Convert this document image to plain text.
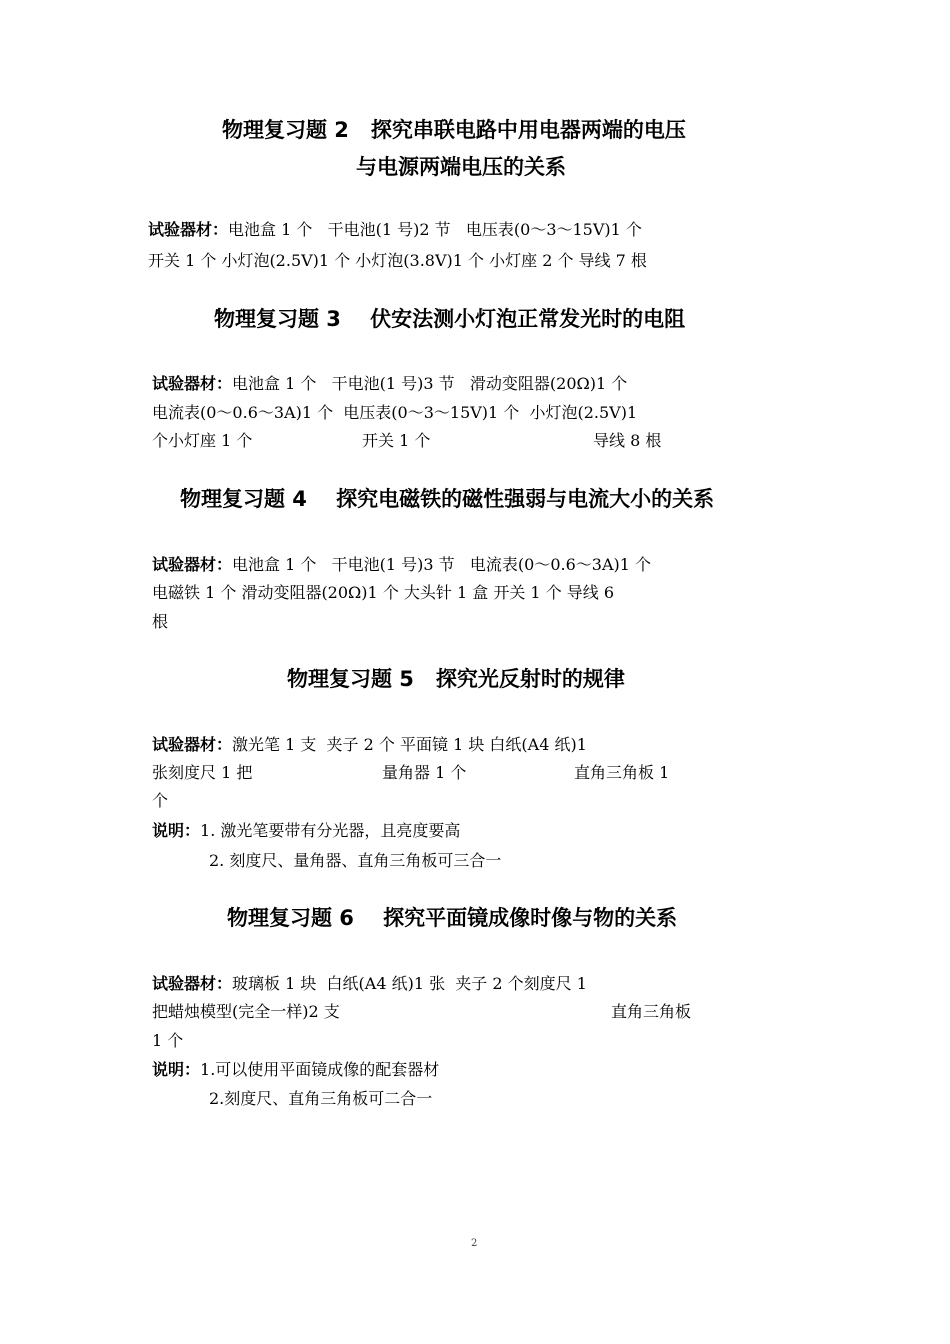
物理复习题 2   探究串联电路中用电器两端的电压
与电源两端电压的关系
试验器材：电池盒 1 个   干电池(1 号)2 节   电压表(0～3～15V)1 个
开关 1 个 小灯泡(2.5V)1 个 小灯泡(3.8V)1 个 小灯座 2 个 导线 7 根
物理复习题 3    伏安法测小灯泡正常发光时的电阻
试验器材：电池盒 1 个   干电池(1 号)3 节   滑动变阻器(20Ω)1 个
电流表(0～0.6～3A)1 个  电压表(0～3～15V)1 个  小灯泡(2.5V)1
个小灯座 1 个	开关 1 个	导线 8 根
物理复习题 4    探究电磁铁的磁性强弱与电流大小的关系
试验器材：电池盒 1 个   干电池(1 号)3 节   电流表(0～0.6～3A)1 个
电磁铁 1 个 滑动变阻器(20Ω)1 个 大头针 1 盒 开关 1 个 导线 6
根
物理复习题 5   探究光反射时的规律
试验器材：激光笔 1 支  夹子 2 个 平面镜 1 块 白纸(A4 纸)1
张刻度尺 1 把	量角器 1 个	直角三角板 1
个
说明：1. 激光笔要带有分光器，且亮度要高
2. 刻度尺、量角器、直角三角板可三合一
物理复习题 6    探究平面镜成像时像与物的关系
试验器材：玻璃板 1 块  白纸(A4 纸)1 张  夹子 2 个刻度尺 1
把蜡烛模型(完全一样)2 支	直角三角板
1 个
说明：1.可以使用平面镜成像的配套器材
2.刻度尺、直角三角板可二合一
2
